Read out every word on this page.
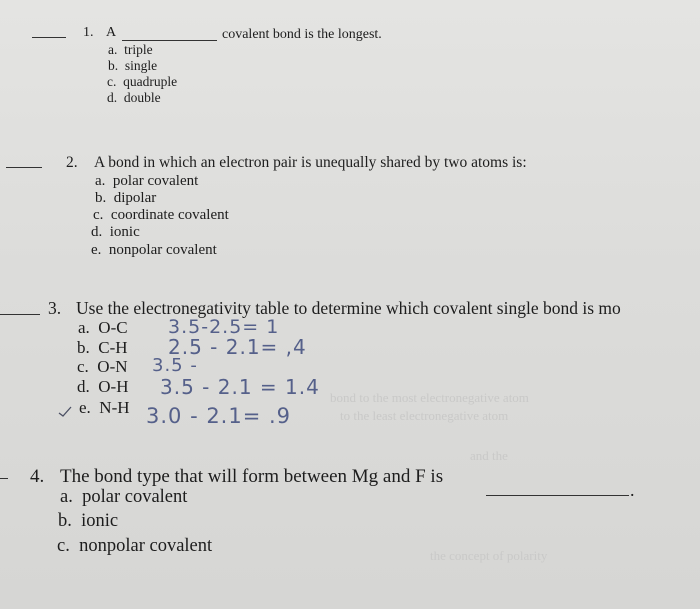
bond to the most electronegative atom
to the least electronegative atom
and the
the concept of polarity
1. A	covalent bond is the longest.
a. triple
b. single
c. quadruple
d. double
2. A bond in which an electron pair is unequally shared by two atoms is:
a. polar covalent
b. dipolar
c. coordinate covalent
d. ionic
e. nonpolar covalent
3. Use the electronegativity table to determine which covalent single bond is mo
a. O-C 3.5-2.5= 1
b. C-H 2.5 - 2.1= ,4
c. O-N 3.5 -
d. O-H 3.5 - 2.1 = 1.4
e. N-H 3.0 - 2.1= .9
4. The bond type that will form between Mg and F is
.
a. polar covalent
b. ionic
c. nonpolar covalent
